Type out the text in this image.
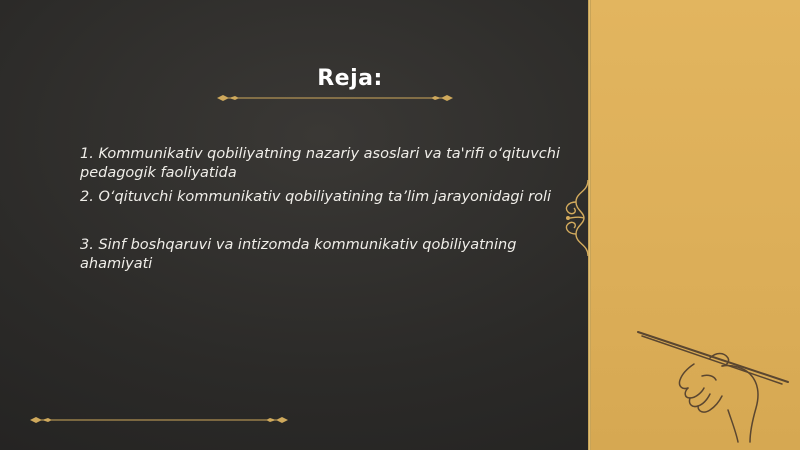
Reja:

1. Kommunikativ qobiliyatning nazariy asoslari va ta'rifi o‘qituvchi pedagogik faoliyatida

2. O‘qituvchi kommunikativ qobiliyatining ta’lim jarayonidagi roli

3. Sinf boshqaruvi va intizomda kommunikativ qobiliyatning ahamiyati
